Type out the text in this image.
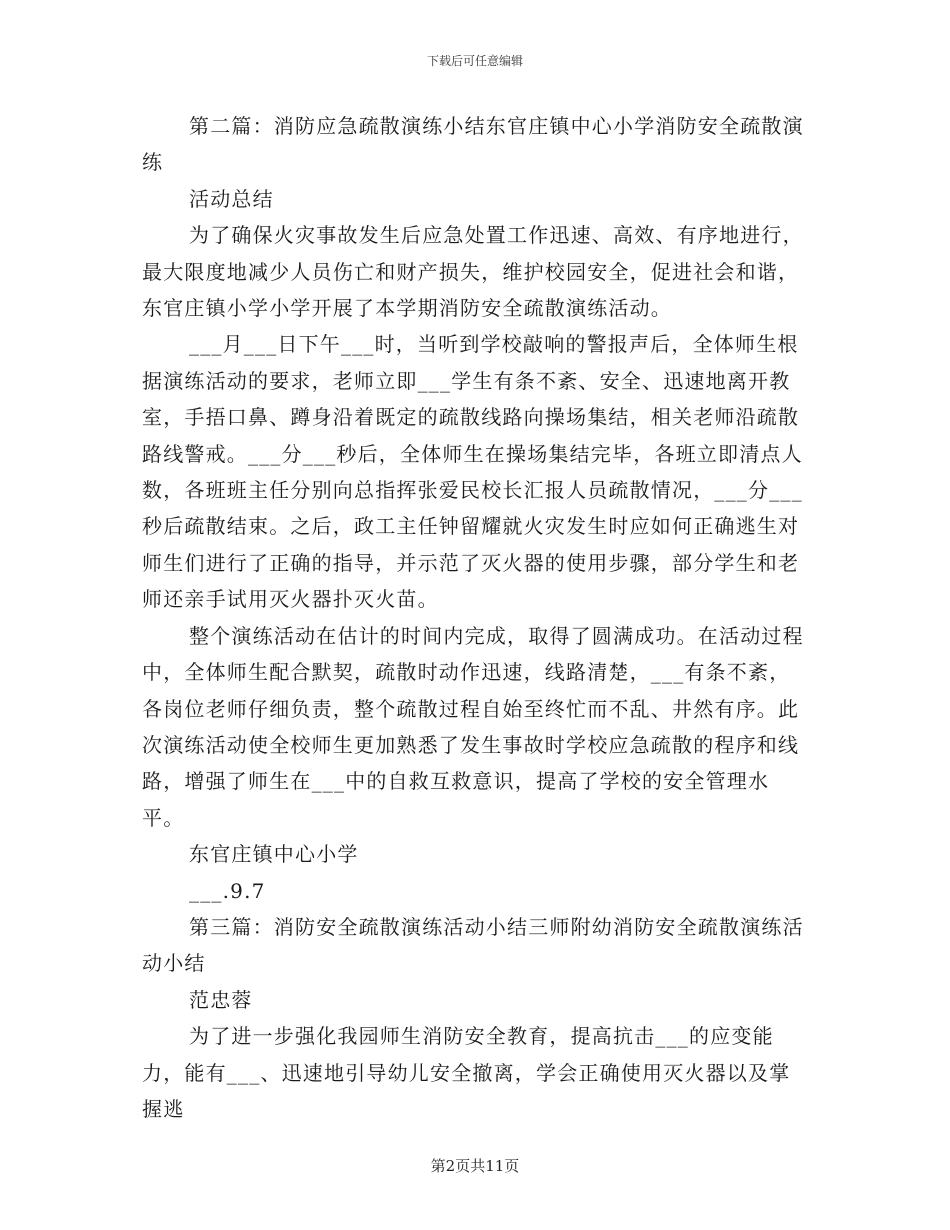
下载后可任意编辑

第二篇：消防应急疏散演练小结东官庄镇中心小学消防安全疏散演练

活动总结

为了确保火灾事故发生后应急处置工作迅速、高效、有序地进行，最大限度地减少人员伤亡和财产损失，维护校园安全，促进社会和谐，东官庄镇小学小学开展了本学期消防安全疏散演练活动。

___月___日下午___时，当听到学校敲响的警报声后，全体师生根据演练活动的要求，老师立即___学生有条不紊、安全、迅速地离开教室，手捂口鼻、蹲身沿着既定的疏散线路向操场集结，相关老师沿疏散路线警戒。___分___秒后，全体师生在操场集结完毕，各班立即清点人数，各班班主任分别向总指挥张爱民校长汇报人员疏散情况，___分___秒后疏散结束。之后，政工主任钟留耀就火灾发生时应如何正确逃生对师生们进行了正确的指导，并示范了灭火器的使用步骤，部分学生和老师还亲手试用灭火器扑灭火苗。

整个演练活动在估计的时间内完成，取得了圆满成功。在活动过程中，全体师生配合默契，疏散时动作迅速，线路清楚，___有条不紊，各岗位老师仔细负责，整个疏散过程自始至终忙而不乱、井然有序。此次演练活动使全校师生更加熟悉了发生事故时学校应急疏散的程序和线路，增强了师生在___中的自救互救意识，提高了学校的安全管理水平。

东官庄镇中心小学

___.9.7

第三篇：消防安全疏散演练活动小结三师附幼消防安全疏散演练活动小结

范忠蓉

为了进一步强化我园师生消防安全教育，提高抗击___的应变能力，能有___、迅速地引导幼儿安全撤离，学会正确使用灭火器以及掌握逃

第2页共11页
